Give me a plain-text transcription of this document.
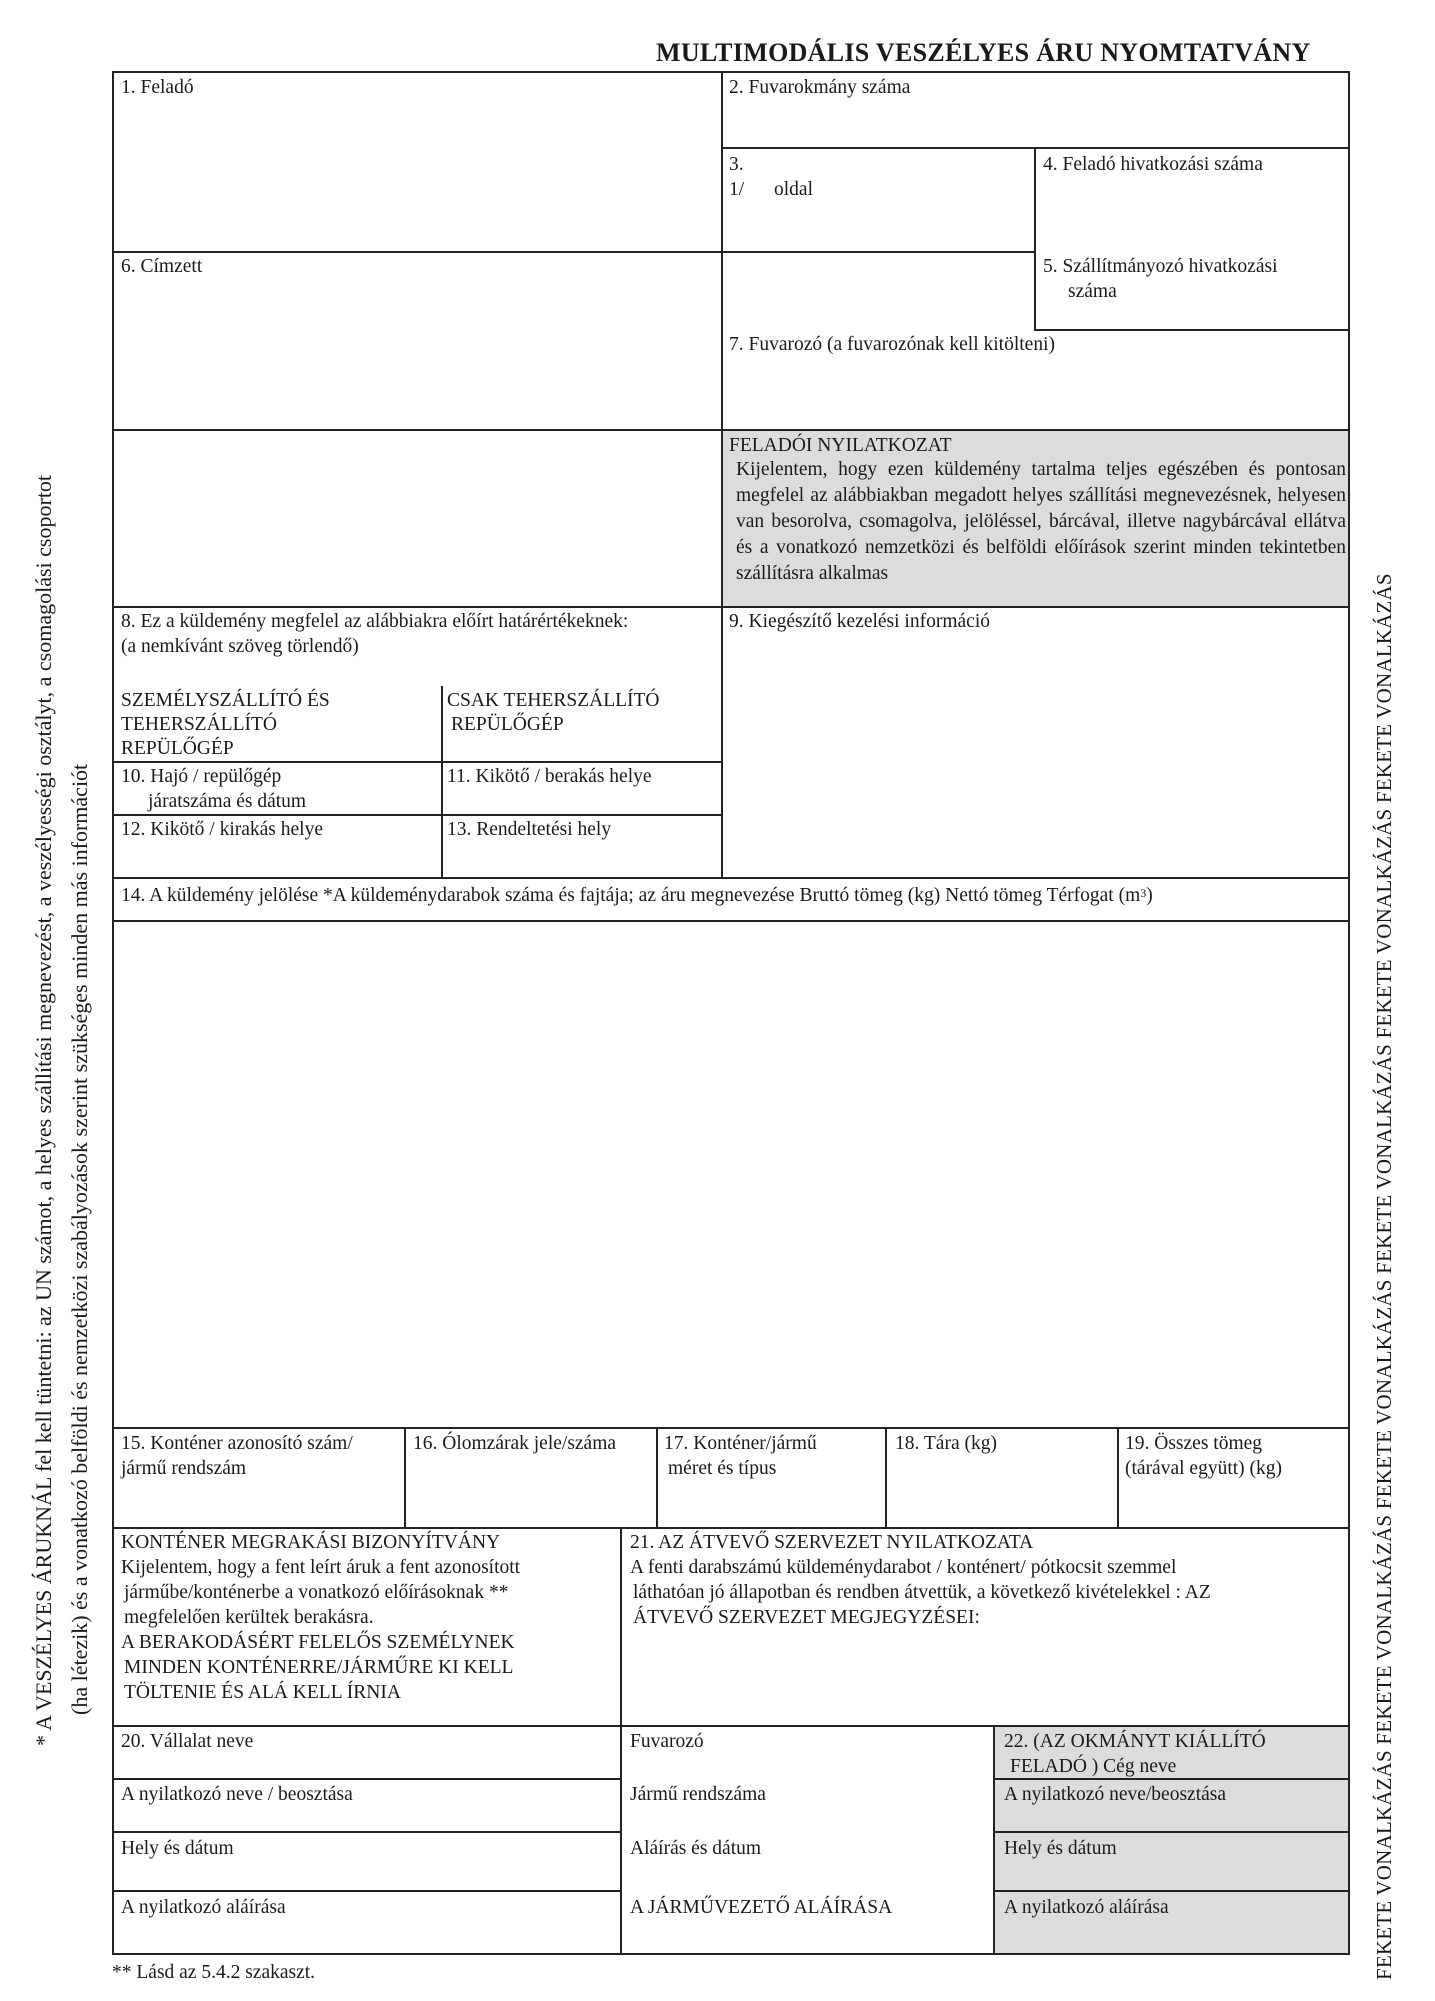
MULTIMODÁLIS VESZÉLYES ÁRU NYOMTATVÁNY
1. Feladó	2. Fuvarokmány száma
3.
1/ oldal
4. Feladó hivatkozási száma
5. Szállítmányozó hivatkozási
száma
6. Címzett
7. Fuvarozó (a fuvarozónak kell kitölteni)
FELADÓI NYILATKOZAT
Kijelentem, hogy ezen küldemény tartalma teljes egészében és pontosan megfelel az alábbiakban megadott helyes szállítási megnevezésnek, helyesen van besorolva, csomagolva, jelöléssel, bárcával, illetve nagybárcával ellátva és a vonatkozó nemzetközi és belföldi előírások szerint minden tekintetben szállításra alkalmas
8. Ez a küldemény megfelel az alábbiakra előírt határértékeknek:
(a nemkívánt szöveg törlendő)
SZEMÉLYSZÁLLÍTÓ ÉS
TEHERSZÁLLÍTÓ
REPÜLŐGÉP
CSAK TEHERSZÁLLÍTÓ
REPÜLŐGÉP
9. Kiegészítő kezelési információ
10. Hajó / repülőgép
járatszáma és dátum
11. Kikötő / berakás helye
12. Kikötő / kirakás helye	13. Rendeltetési hely
14. A küldemény jelölése *A küldeménydarabok száma és fajtája; az áru megnevezése Bruttó tömeg (kg) Nettó tömeg Térfogat $(m^3)$
15. Konténer azonosító szám/
jármű rendszám
16. Ólomzárak jele/száma 17. Konténer/jármű
méret és típus
18. Tára (kg)	19. Összes tömeg
(tárával együtt) (kg)
KONTÉNER MEGRAKÁSI BIZONYÍTVÁNY
Kijelentem, hogy a fent leírt áruk a fent azonosított
járműbe/konténerbe a vonatkozó előírásoknak **
megfelelően kerültek berakásra.
A BERAKODÁSÉRT FELELŐS SZEMÉLYNEK
MINDEN KONTÉNERRE/JÁRMŰRE KI KELL
TÖLTENIE ÉS ALÁ KELL ÍRNIA
21. AZ ÁTVEVŐ SZERVEZET NYILATKOZATA
A fenti darabszámú küldeménydarabot / konténert/ pótkocsit szemmel
láthatóan jó állapotban és rendben átvettük, a következő kivételekkel : AZ
ÁTVEVŐ SZERVEZET MEGJEGYZÉSEI:
20. Vállalat neve
A nyilatkozó neve / beosztása
Hely és dátum
A nyilatkozó aláírása
Fuvarozó
Jármű rendszáma
Aláírás és dátum
A JÁRMŰVEZETŐ ALÁÍRÁSA
22. (AZ OKMÁNYT KIÁLLÍTÓ
FELADÓ ) Cég neve
A nyilatkozó neve/beosztása
Hely és dátum
A nyilatkozó aláírása
** Lásd az 5.4.2 szakaszt.
* A VESZÉLYES ÁRUKNÁL fel kell tüntetni: az UN számot, a helyes szállítási megnevezést, a veszélyességi osztályt, a csomagolási csoportot (ha létezik) és a vonatkozó belföldi és nemzetközi szabályozások szerint szükséges minden más információt	FEKETE VONALKÁZÁS FEKETE VONALKÁZÁS FEKETE VONALKÁZÁS FEKETE VONALKÁZÁS FEKETE VONALKÁZÁS FEKETE VONALKÁZÁS
